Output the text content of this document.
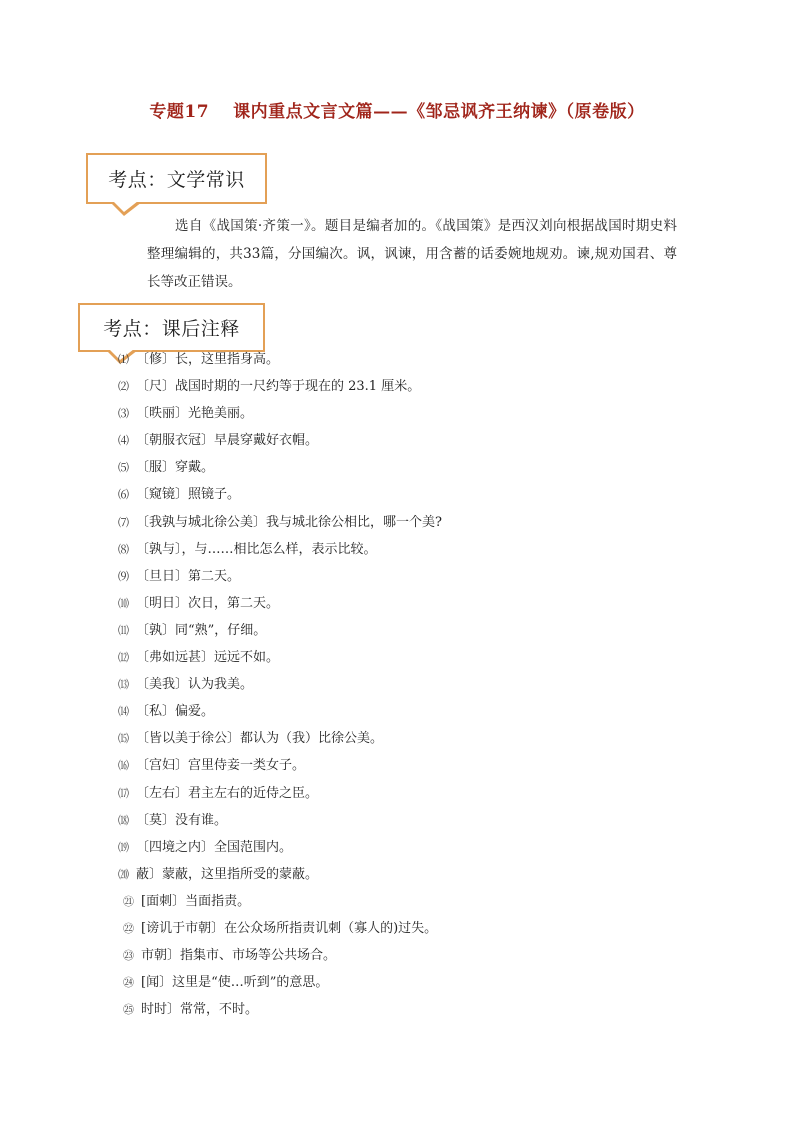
专题17 课内重点文言文篇——《邹忌讽齐王纳谏》（原卷版）
考点：文学常识
选自《战国策·齐策一》。题目是编者加的。《战国策》是西汉刘向根据战国时期史料整理编辑的，共33篇，分国编次。讽，讽谏，用含蓄的话委婉地规劝。谏,规劝国君、尊长等改正错误。
考点：课后注释
⑴ 〔修〕长，这里指身高。
⑵ 〔尺〕战国时期的一尺约等于现在的 23.1 厘米。
⑶ 〔昳丽〕光艳美丽。
⑷ 〔朝服衣冠〕早晨穿戴好衣帽。
⑸ 〔服〕穿戴。
⑹ 〔窥镜〕照镜子。
⑺ 〔我孰与城北徐公美〕我与城北徐公相比，哪一个美?
⑻ 〔孰与〕，与……相比怎么样，表示比较。
⑼ 〔旦日〕第二天。
⑽ 〔明日〕次日，第二天。
⑾ 〔孰〕同“熟”，仔细。
⑿ 〔弗如远甚〕远远不如。
⒀ 〔美我〕认为我美。
⒁ 〔私〕偏爱。
⒂ 〔皆以美于徐公〕都认为（我）比徐公美。
⒃ 〔宫妇〕宫里侍妾一类女子。
⒄ 〔左右〕君主左右的近侍之臣。
⒅ 〔莫〕没有谁。
⒆ 〔四境之内〕全国范围内。
⒇ 蔽〕蒙蔽，这里指所受的蒙蔽。
㉑ [面刺〕当面指责。
㉒ [谤讥于市朝〕在公众场所指责讥刺（寡人的)过失。
㉓ 市朝〕指集市、市场等公共场合。
㉔ [闻〕这里是“使…听到”的意思。
㉕ 时时〕常常，不时。
